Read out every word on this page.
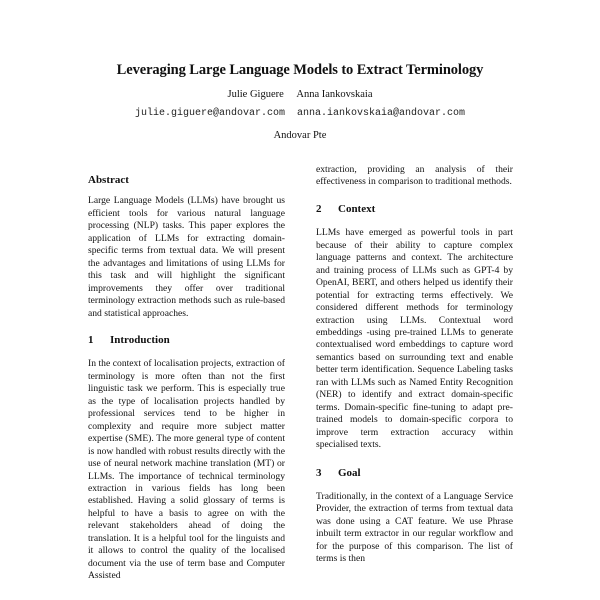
Leveraging Large Language Models to Extract Terminology
Julie Giguere Anna Iankovskaia
julie.giguere@andovar.com anna.iankovskaia@andovar.com
Andovar Pte
Abstract

Large Language Models (LLMs) have brought us efficient tools for various natural language processing (NLP) tasks. This paper explores the application of LLMs for extracting domain-specific terms from textual data. We will present the advantages and limitations of using LLMs for this task and will highlight the significant improvements they offer over traditional terminology extraction methods such as rule-based and statistical approaches.

1 Introduction

In the context of localisation projects, extraction of terminology is more often than not the first linguistic task we perform. This is especially true as the type of localisation projects handled by professional services tend to be higher in complexity and require more subject matter expertise (SME). The more general type of content is now handled with robust results directly with the use of neural network machine translation (MT) or LLMs. The importance of technical terminology extraction in various fields has long been established. Having a solid glossary of terms is helpful to have a basis to agree on with the relevant stakeholders ahead of doing the translation. It is a helpful tool for the linguists and it allows to control the quality of the localised document via the use of term base and Computer Assisted

extraction, providing an analysis of their effectiveness in comparison to traditional methods.

2 Context

LLMs have emerged as powerful tools in part because of their ability to capture complex language patterns and context. The architecture and training process of LLMs such as GPT-4 by OpenAI, BERT, and others helped us identify their potential for extracting terms effectively. We considered different methods for terminology extraction using LLMs. Contextual word embeddings -using pre-trained LLMs to generate contextualised word embeddings to capture word semantics based on surrounding text and enable better term identification. Sequence Labeling tasks ran with LLMs such as Named Entity Recognition (NER) to identify and extract domain-specific terms. Domain-specific fine-tuning to adapt pre-trained models to domain-specific corpora to improve term extraction accuracy within specialised texts.

3 Goal

Traditionally, in the context of a Language Service Provider, the extraction of terms from textual data was done using a CAT feature. We use Phrase inbuilt term extractor in our regular workflow and for the purpose of this comparison. The list of terms is then
